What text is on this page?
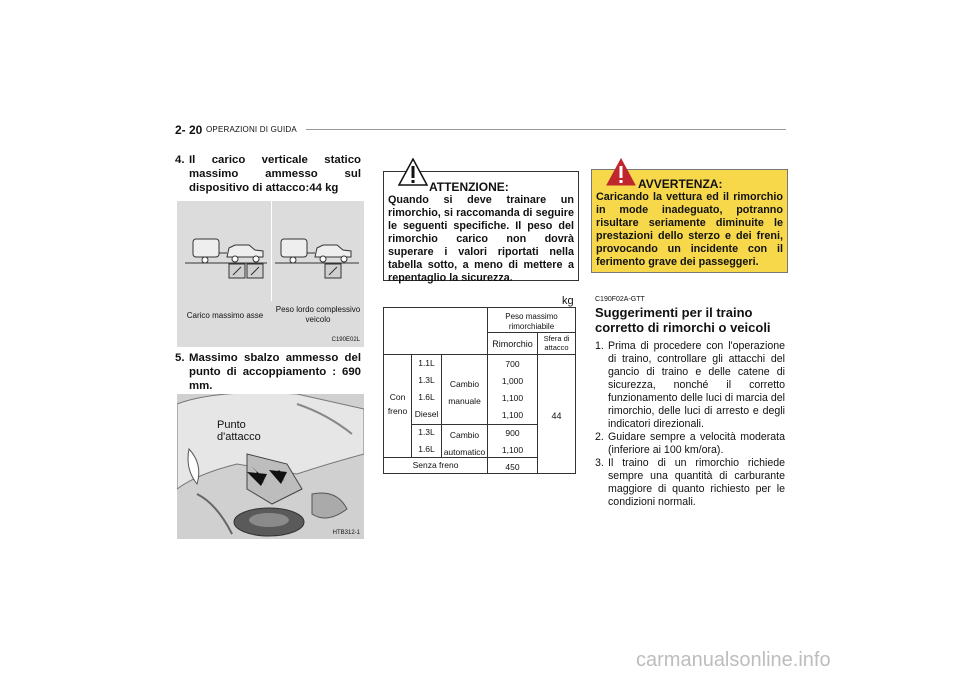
2- 20 OPERAZIONI DI GUIDA
4. Il carico verticale statico massimo ammesso sul dispositivo di attacco:44 kg
Carico massimo asse
Peso lordo complessivo veicolo
C190E02L
5. Massimo sbalzo ammesso del punto di accoppiamento : 690 mm.
Punto d'attacco
HTB312-1
ATTENZIONE:
Quando si deve trainare un rimorchio, si raccomanda di seguire le seguenti specifiche. Il peso del rimorchio carico non dovrà superare i valori riportati nella tabella sotto, a meno di mettere a repentaglio la sicurezza.
kg
Peso massimo rimorchiabile
Rimorchio
Sfera di attacco
Con freno
1.1L
1.3L
1.6L
Diesel
Cambio manuale
1.3L
1.6L
Cambio automatico
700
1,000
1,100
1,100
900
1,100
Senza freno	450
44
AVVERTENZA:
Caricando la vettura ed il rimorchio in mode inadeguato, potranno risultare seriamente diminuite le prestazioni dello sterzo e dei freni, provocando un incidente con il ferimento grave dei passeggeri.
C190F02A-GTT
Suggerimenti per il traino corretto di rimorchi o veicoli
1. Prima di procedere con l'operazione di traino, controllare gli attacchi del gancio di traino e delle catene di sicurezza, nonché il corretto funzionamento delle luci di marcia del rimorchio, delle luci di arresto e degli indicatori direzionali.
2. Guidare sempre a velocità moderata (inferiore ai 100 km/ora).
3. Il traino di un rimorchio richiede sempre una quantità di carburante maggiore di quanto richiesto per le condizioni normali.
carmanualsonline.info
